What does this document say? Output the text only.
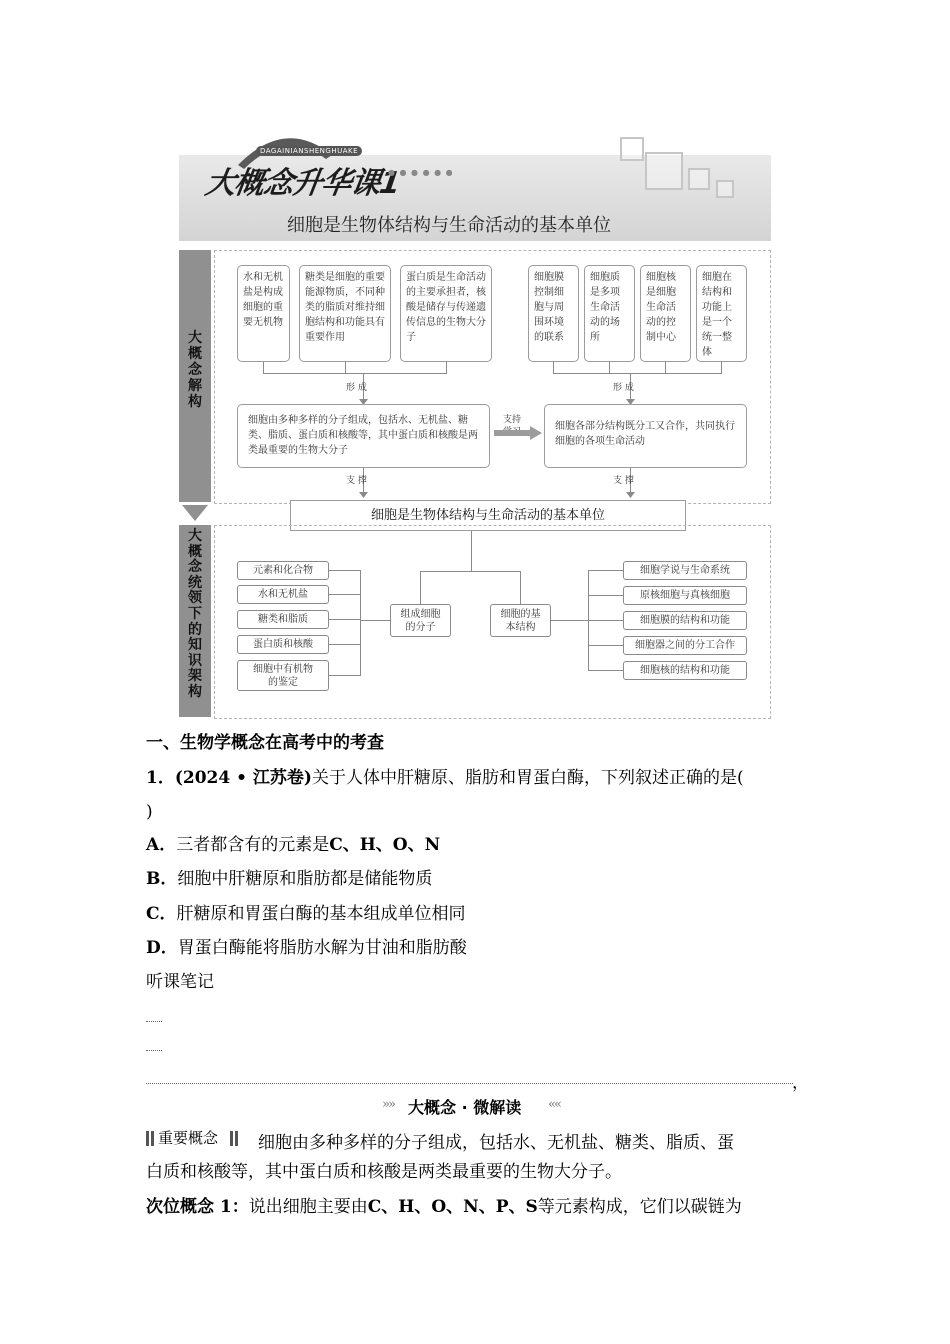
DAGAINIANSHENGHUAKE
大概念升华课1
● ● ● ● ● ●
细胞是生物体结构与生命活动的基本单位
大概念解构
大概念统领下的知识架构
水和无机盐是构成细胞的重要无机物
糖类是细胞的重要能源物质，不同种类的脂质对维持细胞结构和功能具有重要作用
蛋白质是生命活动的主要承担者，核酸是储存与传递遗传信息的生物大分子
细胞膜控制细胞与周围环境的联系
细胞质是多项生命活动的场所
细胞核是细胞生命活动的控制中心
细胞在结构和功能上是一个统一整体
形 成	形 成
细胞由多种多样的分子组成，包括水、无机盐、糖类、脂质、蛋白质和核酸等，其中蛋白质和核酸是两类最重要的生物大分子
细胞各部分结构既分工又合作，共同执行细胞的各项生命活动
支持
支 撑	支 撑
细胞是生物体结构与生命活动的基本单位
组成细胞的分子
细胞的基本结构
元素和化合物
水和无机盐
糖类和脂质
蛋白质和核酸
细胞中有机物的鉴定
细胞学说与生命系统
原核细胞与真核细胞
细胞膜的结构和功能
细胞器之间的分工合作
细胞核的结构和功能
一、生物学概念在高考中的考查
1．(2024 • 江苏卷)关于人体中肝糖原、脂肪和胃蛋白酶，下列叙述正确的是(
)
A．三者都含有的元素是C、H、O、N
B．细胞中肝糖原和脂肪都是储能物质
C．肝糖原和胃蛋白酶的基本组成单位相同
D．胃蛋白酶能将脂肪水解为甘油和脂肪酸
听课笔记
，
»» 大概念 · 微解读 ««
重要概念 细胞由多种多样的分子组成，包括水、无机盐、糖类、脂质、蛋
白质和核酸等，其中蛋白质和核酸是两类最重要的生物大分子。
次位概念 1：说出细胞主要由C、H、O、N、P、S等元素构成，它们以碳链为
